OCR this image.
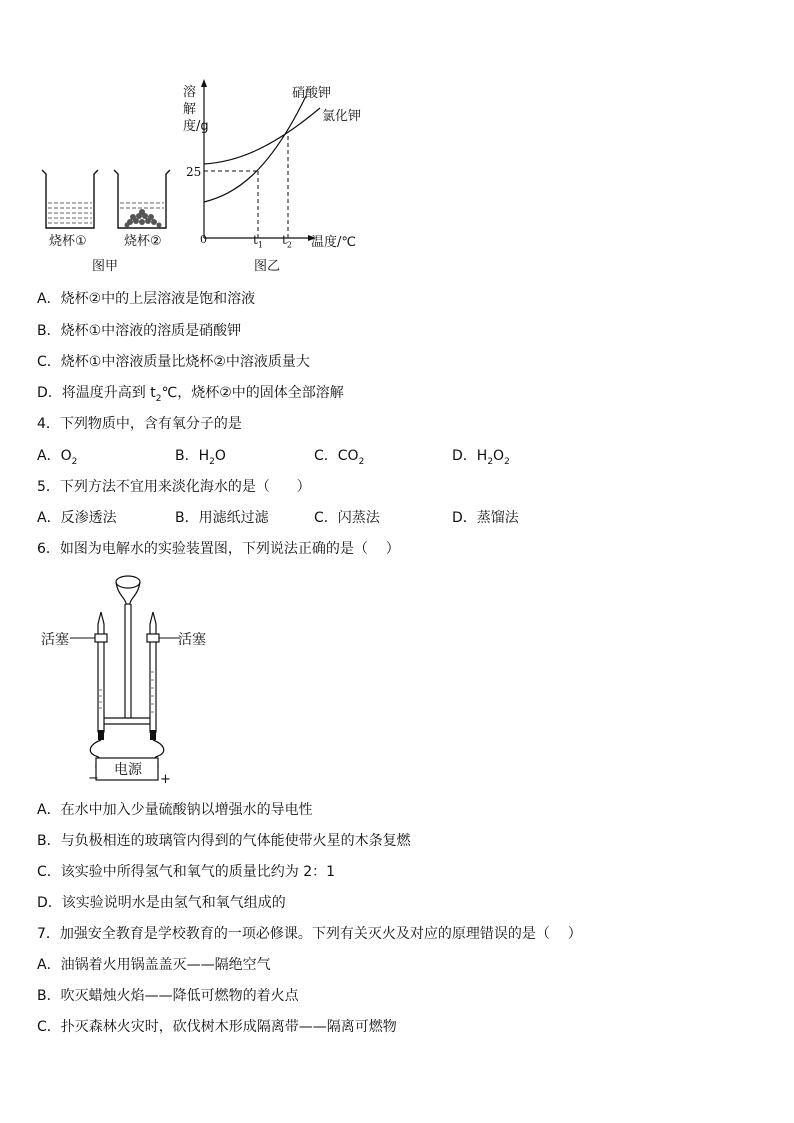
溶解度/g
25
0	$t_1$ $t_2$ 温度/℃
硝酸钾
氯化钾
烧杯①	烧杯②
图甲	图乙
A．烧杯②中的上层溶液是饱和溶液
B．烧杯①中溶液的溶质是硝酸钾
C．烧杯①中溶液质量比烧杯②中溶液质量大
D．将温度升高到 $t_2℃$，烧杯②中的固体全部溶解
4．下列物质中，含有氧分子的是
A．$O_2$	B．$H_2O$	C．$CO_2$	D．$H_2O_2$
5．下列方法不宜用来淡化海水的是（      ）
A．反渗透法	B．用滤纸过滤	C．闪蒸法	D．蒸馏法
6．如图为电解水的实验装置图，下列说法正确的是（    ）
活塞	活塞
电源
−	+
A．在水中加入少量硫酸钠以增强水的导电性
B．与负极相连的玻璃管内得到的气体能使带火星的木条复燃
C．该实验中所得氢气和氧气的质量比约为 2：1
D．该实验说明水是由氢气和氧气组成的
7．加强安全教育是学校教育的一项必修课。下列有关灭火及对应的原理错误的是（    ）
A．油锅着火用锅盖盖灭——隔绝空气
B．吹灭蜡烛火焰——降低可燃物的着火点
C．扑灭森林火灾时，砍伐树木形成隔离带——隔离可燃物
